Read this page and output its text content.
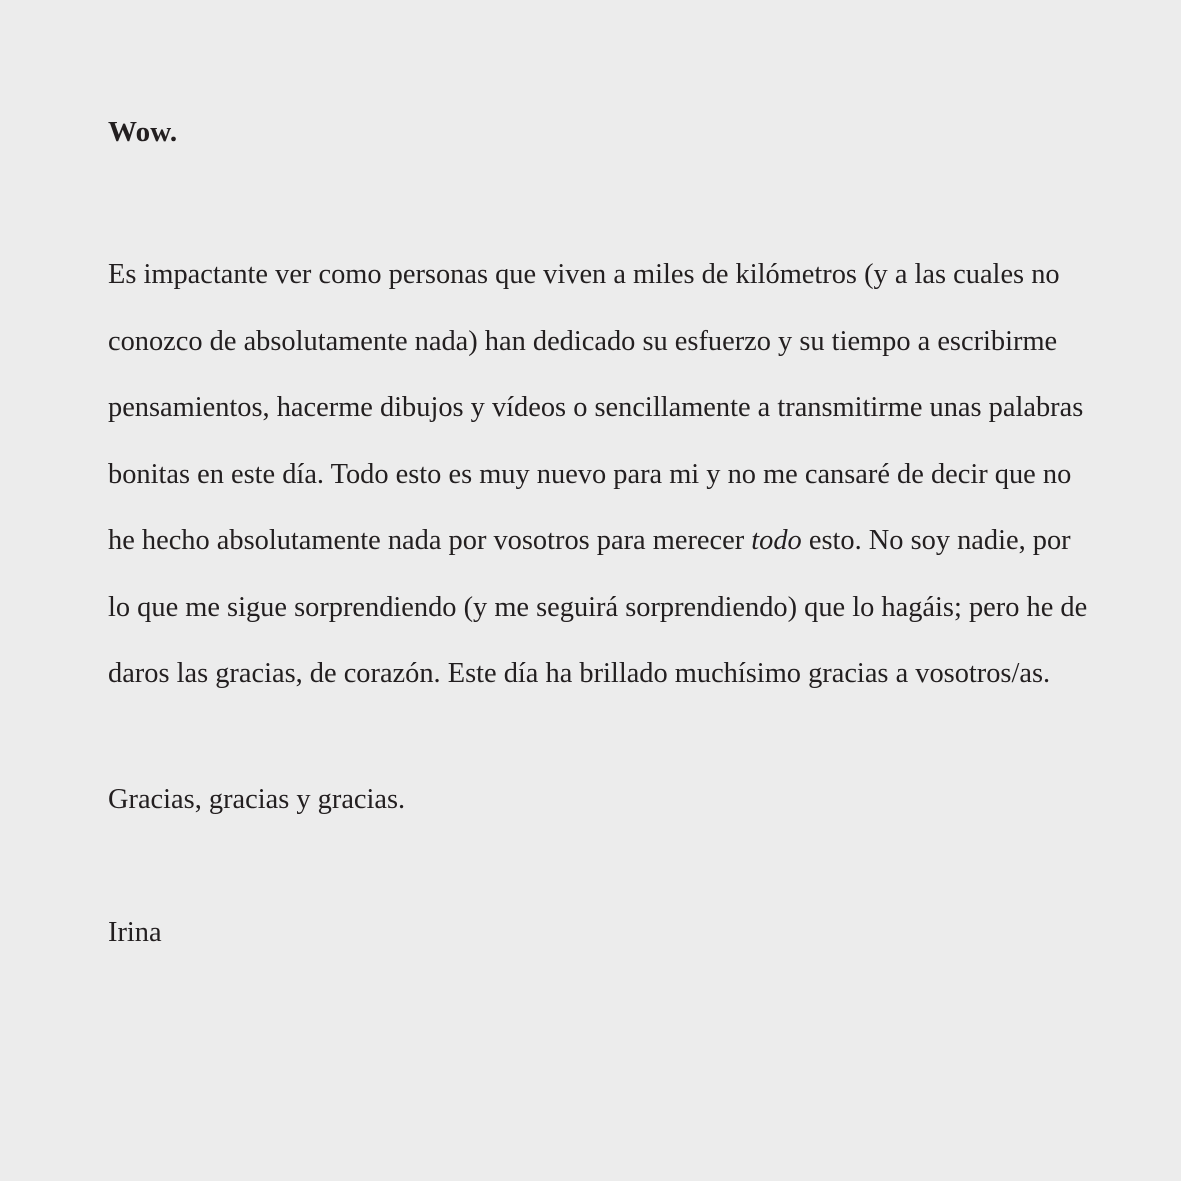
Wow.

Es impactante ver como personas que viven a miles de kilómetros (y a las cuales no
conozco de absolutamente nada) han dedicado su esfuerzo y su tiempo a escribirme
pensamientos, hacerme dibujos y vídeos o sencillamente a transmitirme unas palabras
bonitas en este día. Todo esto es muy nuevo para mi y no me cansaré de decir que no
he hecho absolutamente nada por vosotros para merecer todo esto. No soy nadie, por
lo que me sigue sorprendiendo (y me seguirá sorprendiendo) que lo hagáis; pero he de
daros las gracias, de corazón. Este día ha brillado muchísimo gracias a vosotros/as.

Gracias, gracias y gracias.

Irina
